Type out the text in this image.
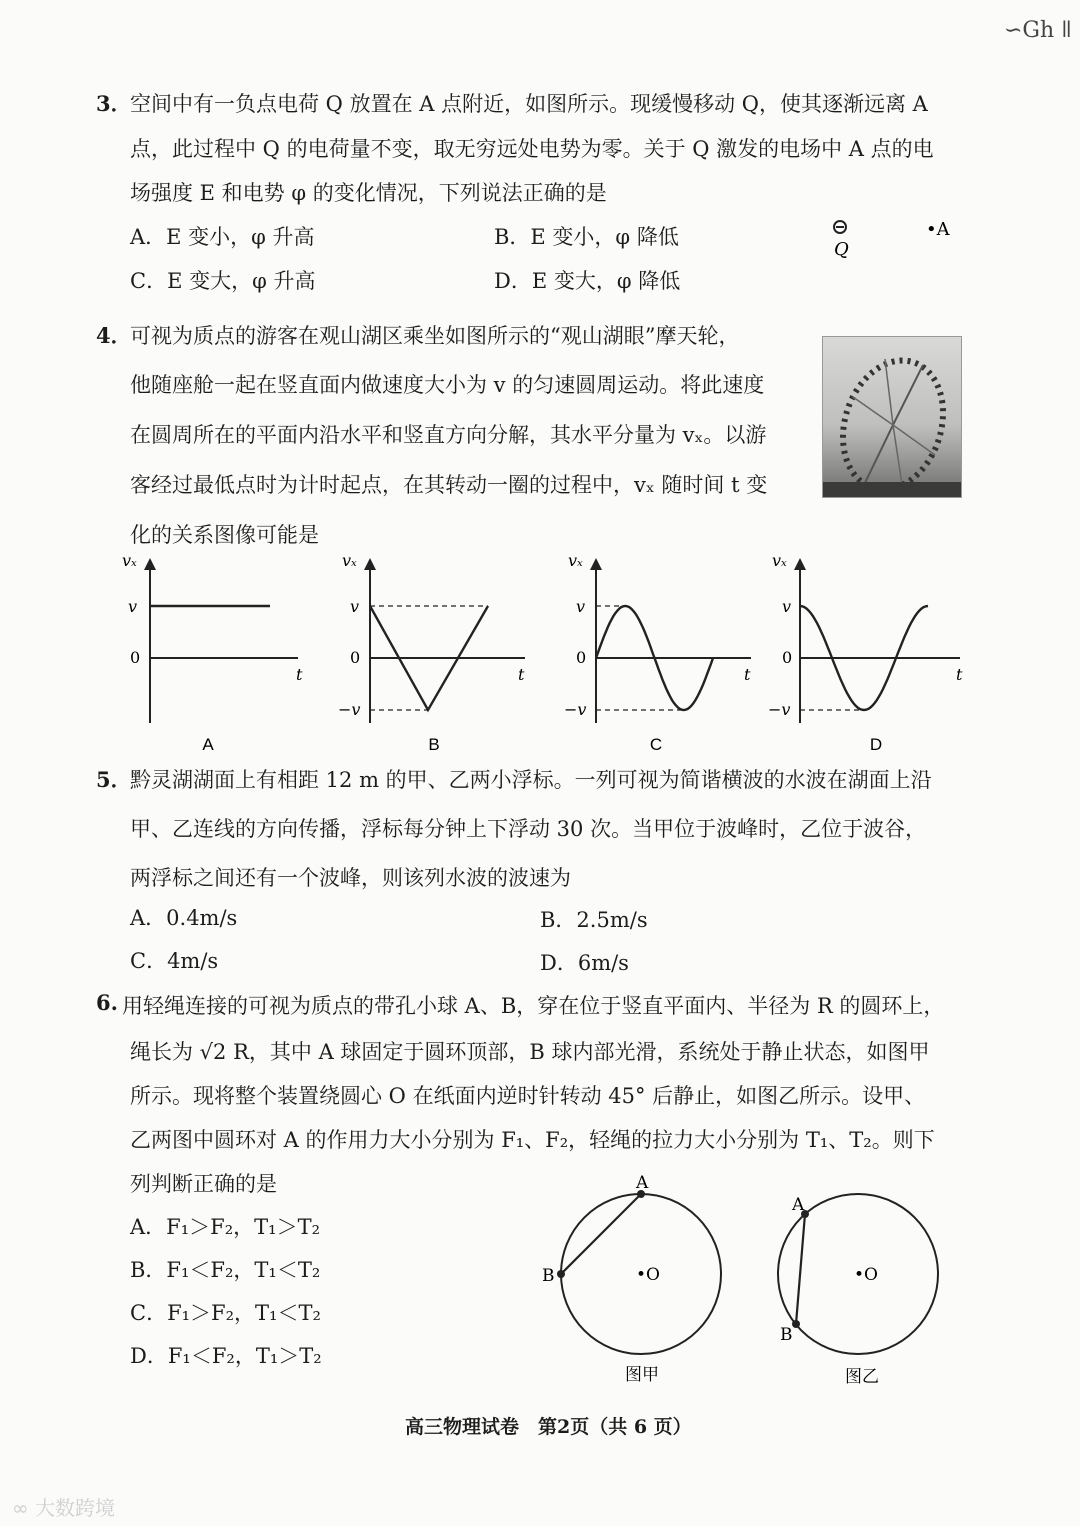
∽Gh ǁ
3．
空间中有一负点电荷 Q 放置在 A 点附近，如图所示。现缓慢移动 Q，使其逐渐远离 A
点，此过程中 Q 的电荷量不变，取无穷远处电势为零。关于 Q 激发的电场中 A 点的电
场强度 E 和电势 φ 的变化情况，下列说法正确的是
A．E 变小，φ 升高	B．E 变小，φ 降低
C．E 变大，φ 升高	D．E 变大，φ 降低
Q
•A
4．
可视为质点的游客在观山湖区乘坐如图所示的“观山湖眼”摩天轮，
他随座舱一起在竖直面内做速度大小为 v 的匀速圆周运动。将此速度
在圆周所在的平面内沿水平和竖直方向分解，其水平分量为 vₓ。以游
客经过最低点时为计时起点，在其转动一圈的过程中，vₓ 随时间 t 变
化的关系图像可能是
vₓ
t
v
0
A
vₓ
t
v
0
−v
B
vₓ
t
v
0
−v
C
vₓ
t
v
0
−v
D
5．
黔灵湖湖面上有相距 12 m 的甲、乙两小浮标。一列可视为简谐横波的水波在湖面上沿
甲、乙连线的方向传播，浮标每分钟上下浮动 30 次。当甲位于波峰时，乙位于波谷，
两浮标之间还有一个波峰，则该列水波的波速为
A．0.4m/s	B．2.5m/s
C．4m/s	D．6m/s
6. 用轻绳连接的可视为质点的带孔小球 A、B，穿在位于竖直平面内、半径为 R 的圆环上，
绳长为 √2 R，其中 A 球固定于圆环顶部，B 球内部光滑，系统处于静止状态，如图甲
所示。现将整个装置绕圆心 O 在纸面内逆时针转动 45° 后静止，如图乙所示。设甲、
乙两图中圆环对 A 的作用力大小分别为 F₁、F₂，轻绳的拉力大小分别为 T₁、T₂。则下
列判断正确的是
A．F₁＞F₂，T₁＞T₂
B．F₁＜F₂，T₁＜T₂
C．F₁＞F₂，T₁＜T₂
D．F₁＜F₂，T₁＞T₂
A
B	•O
图甲
A
B
•O
图乙
高三物理试卷　第2页（共 6 页）
∞ 大数跨境
